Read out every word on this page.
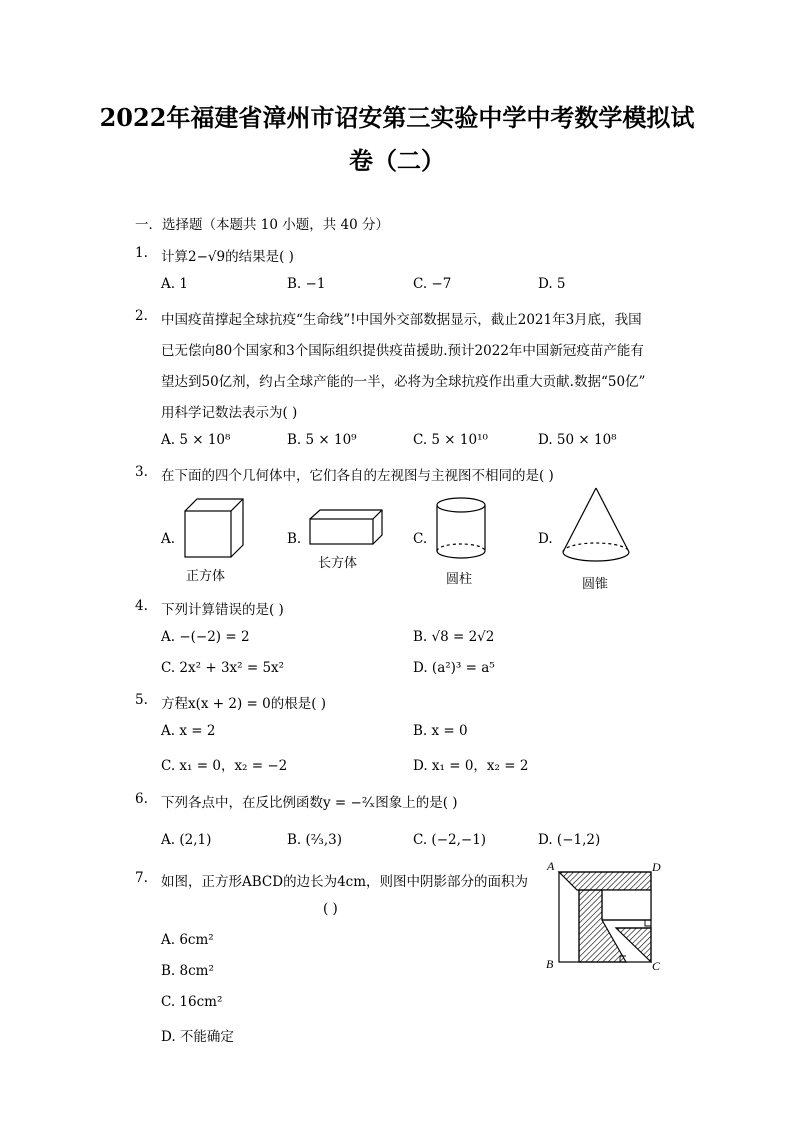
2022年福建省漳州市诏安第三实验中学中考数学模拟试
卷（二）
一．选择题（本题共 10 小题，共 40 分）
1. 计算2−√9的结果是( )
A. 1	B. −1	C. −7	D. 5
2. 中国疫苗撑起全球抗疫“生命线”!中国外交部数据显示，截止2021年3月底，我国
已无偿向80个国家和3个国际组织提供疫苗援助.预计2022年中国新冠疫苗产能有
望达到50亿剂，约占全球产能的一半，必将为全球抗疫作出重大贡献.数据“50亿”
用科学记数法表示为( )
A. 5 × 10⁸	B. 5 × 10⁹	C. 5 × 10¹⁰	D. 50 × 10⁸
3. 在下面的四个几何体中，它们各自的左视图与主视图不相同的是( )
A.
正方体
B.
长方体
C.
圆柱
D.
圆锥
4. 下列计算错误的是( )
A. −(−2) = 2	B. √8 = 2√2
C. 2x² + 3x² = 5x²	D. (a²)³ = a⁵
5. 方程x(x + 2) = 0的根是( )
A. x = 2	B. x = 0
C. x₁ = 0，x₂ = −2	D. x₁ = 0，x₂ = 2
6. 下列各点中，在反比例函数y = −²⁄ₓ图象上的是( )
A. (2,1)	B. (²⁄₃,3)	C. (−2,−1)	D. (−1,2)
7. 如图，正方形ABCD的边长为4cm，则图中阴影部分的面积为
( )
A. 6cm²
B. 8cm²
C. 16cm²
D. 不能确定
A	D
B	C
